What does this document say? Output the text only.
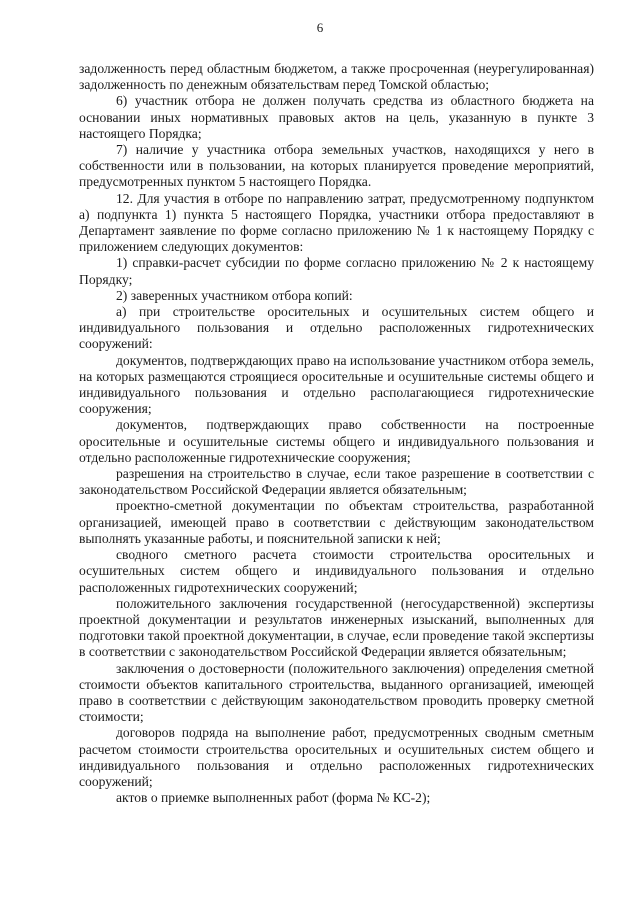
6

задолженность перед областным бюджетом, а также просроченная (неурегулированная) задолженность по денежным обязательствам перед Томской областью;

6) участник отбора не должен получать средства из областного бюджета на основании иных нормативных правовых актов на цель, указанную в пункте 3 настоящего Порядка;

7) наличие у участника отбора земельных участков, находящихся у него в собственности или в пользовании, на которых планируется проведение мероприятий, предусмотренных пунктом 5 настоящего Порядка.

12. Для участия в отборе по направлению затрат, предусмотренному подпунктом а) подпункта 1) пункта 5 настоящего Порядка, участники отбора предоставляют в Департамент заявление по форме согласно приложению № 1 к настоящему Порядку с приложением следующих документов:

1) справки-расчет субсидии по форме согласно приложению № 2 к настоящему Порядку;

2) заверенных участником отбора копий:

а) при строительстве оросительных и осушительных систем общего и индивидуального пользования и отдельно расположенных гидротехнических сооружений:

документов, подтверждающих право на использование участником отбора земель, на которых размещаются строящиеся оросительные и осушительные системы общего и индивидуального пользования и отдельно располагающиеся гидротехнические сооружения;

документов, подтверждающих право собственности на построенные оросительные и осушительные системы общего и индивидуального пользования и отдельно расположенные гидротехнические сооружения;

разрешения на строительство в случае, если такое разрешение в соответствии с законодательством Российской Федерации является обязательным;

проектно-сметной документации по объектам строительства, разработанной организацией, имеющей право в соответствии с действующим законодательством выполнять указанные работы, и пояснительной записки к ней;

сводного сметного расчета стоимости строительства оросительных и осушительных систем общего и индивидуального пользования и отдельно расположенных гидротехнических сооружений;

положительного заключения государственной (негосударственной) экспертизы проектной документации и результатов инженерных изысканий, выполненных для подготовки такой проектной документации, в случае, если проведение такой экспертизы в соответствии с законодательством Российской Федерации является обязательным;

заключения о достоверности (положительного заключения) определения сметной стоимости объектов капитального строительства, выданного организацией, имеющей право в соответствии с действующим законодательством проводить проверку сметной стоимости;

договоров подряда на выполнение работ, предусмотренных сводным сметным расчетом стоимости строительства оросительных и осушительных систем общего и индивидуального пользования и отдельно расположенных гидротехнических сооружений;

актов о приемке выполненных работ (форма № КС-2);
